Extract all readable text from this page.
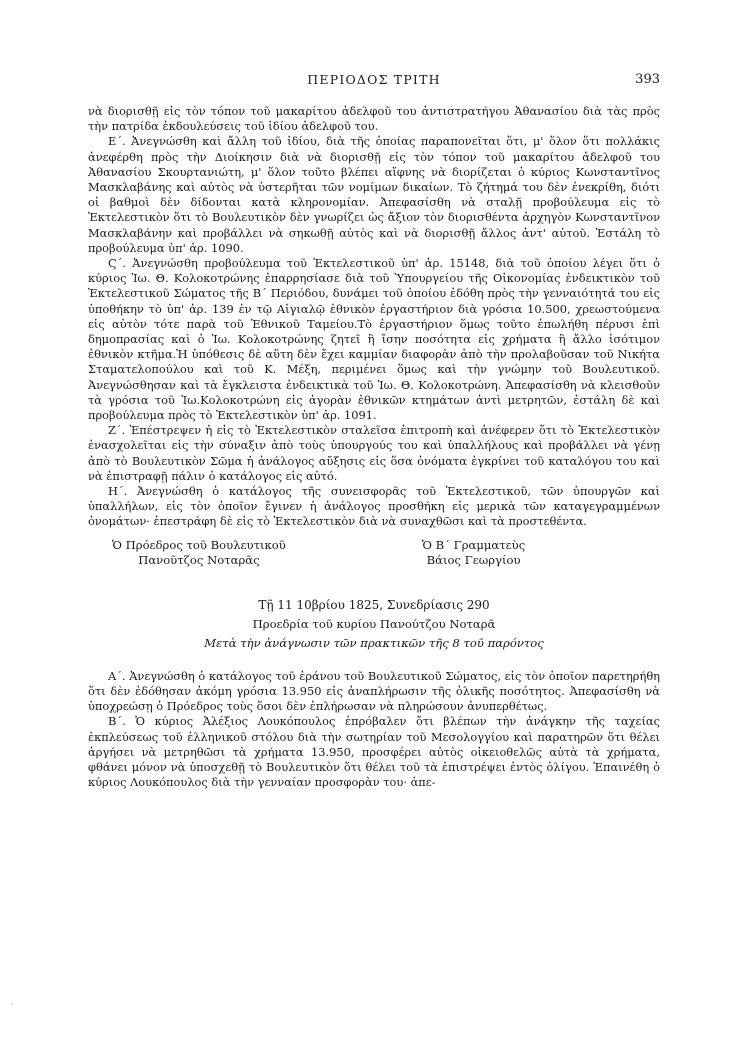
ΠΕΡΙΟΔΟΣ ΤΡΙΤΗ	393

νὰ διορισθῇ εἰς τὸν τόπον τοῦ μακαρίτου ἀδελφοῦ του ἀντιστρατήγου Ἀθανασίου διὰ τὰς πρὸς τὴν πατρίδα ἐκδουλεύσεις τοῦ ἰδίου ἀδελφοῦ του.

Ε΄. Ἀνεγνώσθη καὶ ἄλλη τοῦ ἰδίου, διὰ τῆς ὁποίας παραπονεῖται ὅτι, μ' ὅλον ὅτι πολλάκις ἀνεφέρθη πρὸς τὴν Διοίκησιν διὰ νὰ διορισθῇ εἰς τὸν τόπον τοῦ μακαρίτου ἀδελφοῦ του Ἀθανασίου Σκουρτανιώτη, μ' ὅλον τοῦτο βλέπει αἴφνης νὰ διορίζεται ὁ κύριος Κωνσταντῖνος Μασκλαβάνης καὶ αὐτὸς νὰ ὑστερῆται τῶν νομίμων δικαίων. Τὸ ζήτημά του δὲν ἐνεκρίθη, διότι οἱ βαθμοὶ δὲν δίδονται κατὰ κληρονομίαν. Ἀπεφασίσθη νὰ σταλῇ προβούλευμα εἰς τὸ Ἐκτελεστικὸν ὅτι τὸ Βουλευτικὸν δὲν γνωρίζει ὡς ἄξιον τὸν διορισθέντα ἀρχηγὸν Κωνσταντῖνον Μασκλαβάνην καὶ προβάλλει νὰ σηκωθῇ αὐτὸς καὶ νὰ διορισθῇ ἄλλος ἀντ' αὐτοῦ. Ἐστάλη τὸ προβούλευμα ὑπ' ἀρ. 1090.

Ϛ΄. Ἀνεγνώσθη προβούλευμα τοῦ Ἐκτελεστικοῦ ὑπ' ἀρ. 15148, διὰ τοῦ ὁποίου λέγει ὅτι ὁ κύριος Ἰω. Θ. Κολοκοτρώνης ἐπαρρησίασε διὰ τοῦ Ὑπουργείου τῆς Οἰκονομίας ἐνδεικτικὸν τοῦ Ἐκτελεστικοῦ Σώματος τῆς Β΄ Περιόδου, δυνάμει τοῦ ὁποίου ἐδόθη πρὸς τὴν γενναιότητά του εἰς ὑποθήκην τὸ ὑπ' ἀρ. 139 ἐν τῷ Αἰγιαλῷ ἐθνικὸν ἐργαστήριον διὰ γρόσια 10.500, χρεωστούμενα εἰς αὐτὸν τότε παρὰ τοῦ Ἐθνικοῦ Ταμείου.Τὸ ἐργαστήριον ὅμως τοῦτο ἐπωλήθη πέρυσι ἐπὶ δημοπρασίας καὶ ὁ Ἰω. Κολοκοτρώνης ζητεῖ ἢ ἴσην ποσότητα εἰς χρήματα ἢ ἄλλο ἰσότιμον ἐθνικὸν κτῆμα.Ἡ ὑπόθεσις δὲ αὕτη δὲν ἔχει καμμίαν διαφορὰν ἀπὸ τὴν προλαβοῦσαν τοῦ Νικήτα Σταματελοπούλου καὶ τοῦ Κ. Μέξη, περιμένει ὅμως καὶ τὴν γνώμην τοῦ Βουλευτικοῦ. Ἀνεγνώσθησαν καὶ τὰ ἔγκλειστα ἐνδεικτικὰ τοῦ Ἰω. Θ. Κολοκοτρώνη. Ἀπεφασίσθη νὰ κλεισθοῦν τὰ γρόσια τοῦ Ἰω.Κολοκοτρώνη εἰς ἀγορὰν ἐθνικῶν κτημάτων ἀντὶ μετρητῶν, ἐστάλη δὲ καὶ προβούλευμα πρὸς τὸ Ἐκτελεστικὸν ὑπ' ἀρ. 1091.

Ζ΄. Ἐπέστρεψεν ἡ εἰς τὸ Ἐκτελεστικὸν σταλεῖσα ἐπιτροπὴ καὶ ἀνέφερεν ὅτι τὸ Ἐκτελεστικὸν ἐνασχολεῖται εἰς τὴν σύναξιν ἀπὸ τοὺς ὑπουργούς του καὶ ὑπαλλήλους καὶ προβάλλει νὰ γένῃ ἀπὸ τὸ Βουλευτικὸν Σῶμα ἡ ἀνάλογος αὔξησις εἰς ὅσα ὀνόματα ἐγκρίνει τοῦ καταλόγου του καὶ νὰ ἐπιστραφῇ πάλιν ὁ κατάλογος εἰς αὐτό.

Η΄. Ἀνεγνώσθη ὁ κατάλογος τῆς συνεισφορᾶς τοῦ Ἐκτελεστικοῦ, τῶν ὑπουργῶν καὶ ὑπαλλήλων, εἰς τὸν ὁποῖον ἔγινεν ἡ ἀνάλογος προσθήκη εἰς μερικὰ τῶν καταγεγραμμένων ὀνομάτων· ἐπεστράφη δὲ εἰς τὸ Ἐκτελεστικὸν διὰ νὰ συναχθῶσι καὶ τὰ προστεθέντα.

Ὁ Πρόεδρος τοῦ Βουλευτικοῦ
Πανοῦτζος Νοταρᾶς
Ὁ Β΄ Γραμματεὺς
Βάιος Γεωργίου
Τῇ 11 10βρίου 1825, Συνεδρίασις 290
Προεδρία τοῦ κυρίου Πανούτζου Νοταρᾶ
Μετὰ τὴν ἀνάγνωσιν τῶν πρακτικῶν τῆς 8 τοῦ παρόντος

Α΄. Ἀνεγνώσθη ὁ κατάλογος τοῦ ἐράνου τοῦ Βουλευτικοῦ Σώματος, εἰς τὸν ὁποῖον παρετηρήθη ὅτι δὲν ἐδόθησαν ἀκόμη γρόσια 13.950 εἰς ἀναπλήρωσιν τῆς ὁλικῆς ποσότητος. Ἀπεφασίσθη νὰ ὑποχρεώσῃ ὁ Πρόεδρος τοὺς ὅσοι δὲν ἐπλήρωσαν νὰ πληρώσουν ἀνυπερθέτως.

Β΄. Ὁ κύριος Ἀλέξιος Λουκόπουλος ἐπρόβαλεν ὅτι βλέπων τὴν ἀνάγκην τῆς ταχείας ἐκπλεύσεως τοῦ ἑλληνικοῦ στόλου διὰ τὴν σωτηρίαν τοῦ Μεσολογγίου καὶ παρατηρῶν ὅτι θέλει ἀργήσει νὰ μετρηθῶσι τὰ χρήματα 13.950, προσφέρει αὐτὸς οἰκειοθελῶς αὐτὰ τὰ χρήματα, φθάνει μόνον νὰ ὑποσχεθῇ τὸ Βουλευτικὸν ὅτι θέλει τοῦ τὰ ἐπιστρέψει ἐντὸς ὀλίγου. Ἐπαινέθη ὁ κύριος Λουκόπουλος διὰ τὴν γενναίαν προσφορὰν του· ἀπε-

·
